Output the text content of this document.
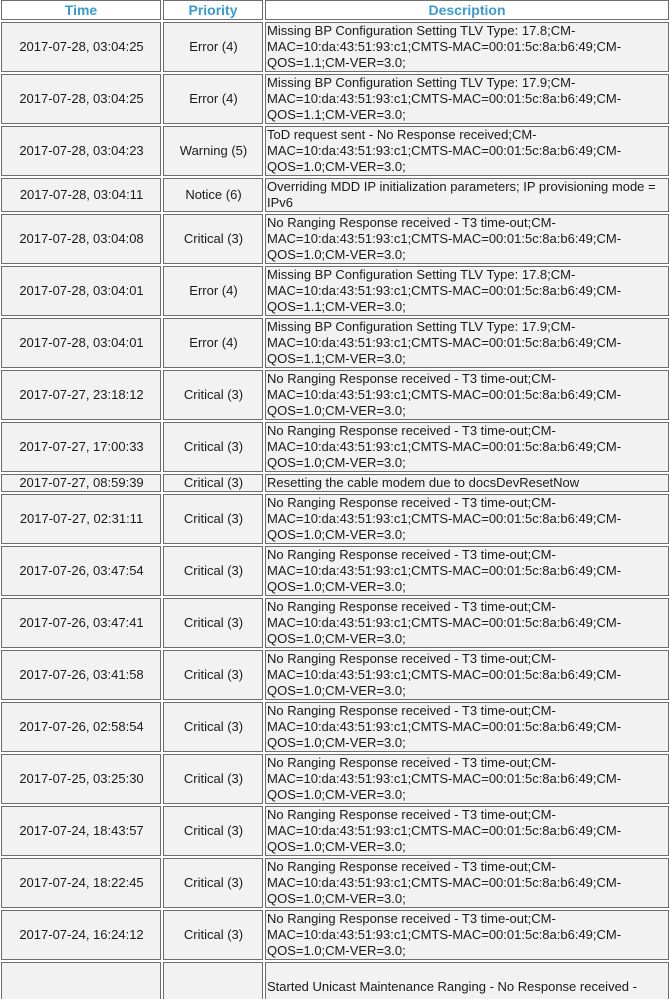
Time	Priority	Description
2017-07-28, 03:04:25	Error (4)	Missing BP Configuration Setting TLV Type: 17.8;CM-MAC=10:da:43:51:93:c1;CMTS-MAC=00:01:5c:8a:b6:49;CM-QOS=1.1;CM-VER=3.0;
2017-07-28, 03:04:25	Error (4)	Missing BP Configuration Setting TLV Type: 17.9;CM-MAC=10:da:43:51:93:c1;CMTS-MAC=00:01:5c:8a:b6:49;CM-QOS=1.1;CM-VER=3.0;
2017-07-28, 03:04:23	Warning (5)	ToD request sent - No Response received;CM-MAC=10:da:43:51:93:c1;CMTS-MAC=00:01:5c:8a:b6:49;CM-QOS=1.0;CM-VER=3.0;
2017-07-28, 03:04:11	Notice (6)	Overriding MDD IP initialization parameters; IP provisioning mode = IPv6
2017-07-28, 03:04:08	Critical (3)	No Ranging Response received - T3 time-out;CM-MAC=10:da:43:51:93:c1;CMTS-MAC=00:01:5c:8a:b6:49;CM-QOS=1.0;CM-VER=3.0;
2017-07-28, 03:04:01	Error (4)	Missing BP Configuration Setting TLV Type: 17.8;CM-MAC=10:da:43:51:93:c1;CMTS-MAC=00:01:5c:8a:b6:49;CM-QOS=1.1;CM-VER=3.0;
2017-07-28, 03:04:01	Error (4)	Missing BP Configuration Setting TLV Type: 17.9;CM-MAC=10:da:43:51:93:c1;CMTS-MAC=00:01:5c:8a:b6:49;CM-QOS=1.1;CM-VER=3.0;
2017-07-27, 23:18:12	Critical (3)	No Ranging Response received - T3 time-out;CM-MAC=10:da:43:51:93:c1;CMTS-MAC=00:01:5c:8a:b6:49;CM-QOS=1.0;CM-VER=3.0;
2017-07-27, 17:00:33	Critical (3)	No Ranging Response received - T3 time-out;CM-MAC=10:da:43:51:93:c1;CMTS-MAC=00:01:5c:8a:b6:49;CM-QOS=1.0;CM-VER=3.0;
2017-07-27, 08:59:39	Critical (3)	Resetting the cable modem due to docsDevResetNow
2017-07-27, 02:31:11	Critical (3)	No Ranging Response received - T3 time-out;CM-MAC=10:da:43:51:93:c1;CMTS-MAC=00:01:5c:8a:b6:49;CM-QOS=1.0;CM-VER=3.0;
2017-07-26, 03:47:54	Critical (3)	No Ranging Response received - T3 time-out;CM-MAC=10:da:43:51:93:c1;CMTS-MAC=00:01:5c:8a:b6:49;CM-QOS=1.0;CM-VER=3.0;
2017-07-26, 03:47:41	Critical (3)	No Ranging Response received - T3 time-out;CM-MAC=10:da:43:51:93:c1;CMTS-MAC=00:01:5c:8a:b6:49;CM-QOS=1.0;CM-VER=3.0;
2017-07-26, 03:41:58	Critical (3)	No Ranging Response received - T3 time-out;CM-MAC=10:da:43:51:93:c1;CMTS-MAC=00:01:5c:8a:b6:49;CM-QOS=1.0;CM-VER=3.0;
2017-07-26, 02:58:54	Critical (3)	No Ranging Response received - T3 time-out;CM-MAC=10:da:43:51:93:c1;CMTS-MAC=00:01:5c:8a:b6:49;CM-QOS=1.0;CM-VER=3.0;
2017-07-25, 03:25:30	Critical (3)	No Ranging Response received - T3 time-out;CM-MAC=10:da:43:51:93:c1;CMTS-MAC=00:01:5c:8a:b6:49;CM-QOS=1.0;CM-VER=3.0;
2017-07-24, 18:43:57	Critical (3)	No Ranging Response received - T3 time-out;CM-MAC=10:da:43:51:93:c1;CMTS-MAC=00:01:5c:8a:b6:49;CM-QOS=1.0;CM-VER=3.0;
2017-07-24, 18:22:45	Critical (3)	No Ranging Response received - T3 time-out;CM-MAC=10:da:43:51:93:c1;CMTS-MAC=00:01:5c:8a:b6:49;CM-QOS=1.0;CM-VER=3.0;
2017-07-24, 16:24:12	Critical (3)	No Ranging Response received - T3 time-out;CM-MAC=10:da:43:51:93:c1;CMTS-MAC=00:01:5c:8a:b6:49;CM-QOS=1.0;CM-VER=3.0;
		Started Unicast Maintenance Ranging - No Response received -
